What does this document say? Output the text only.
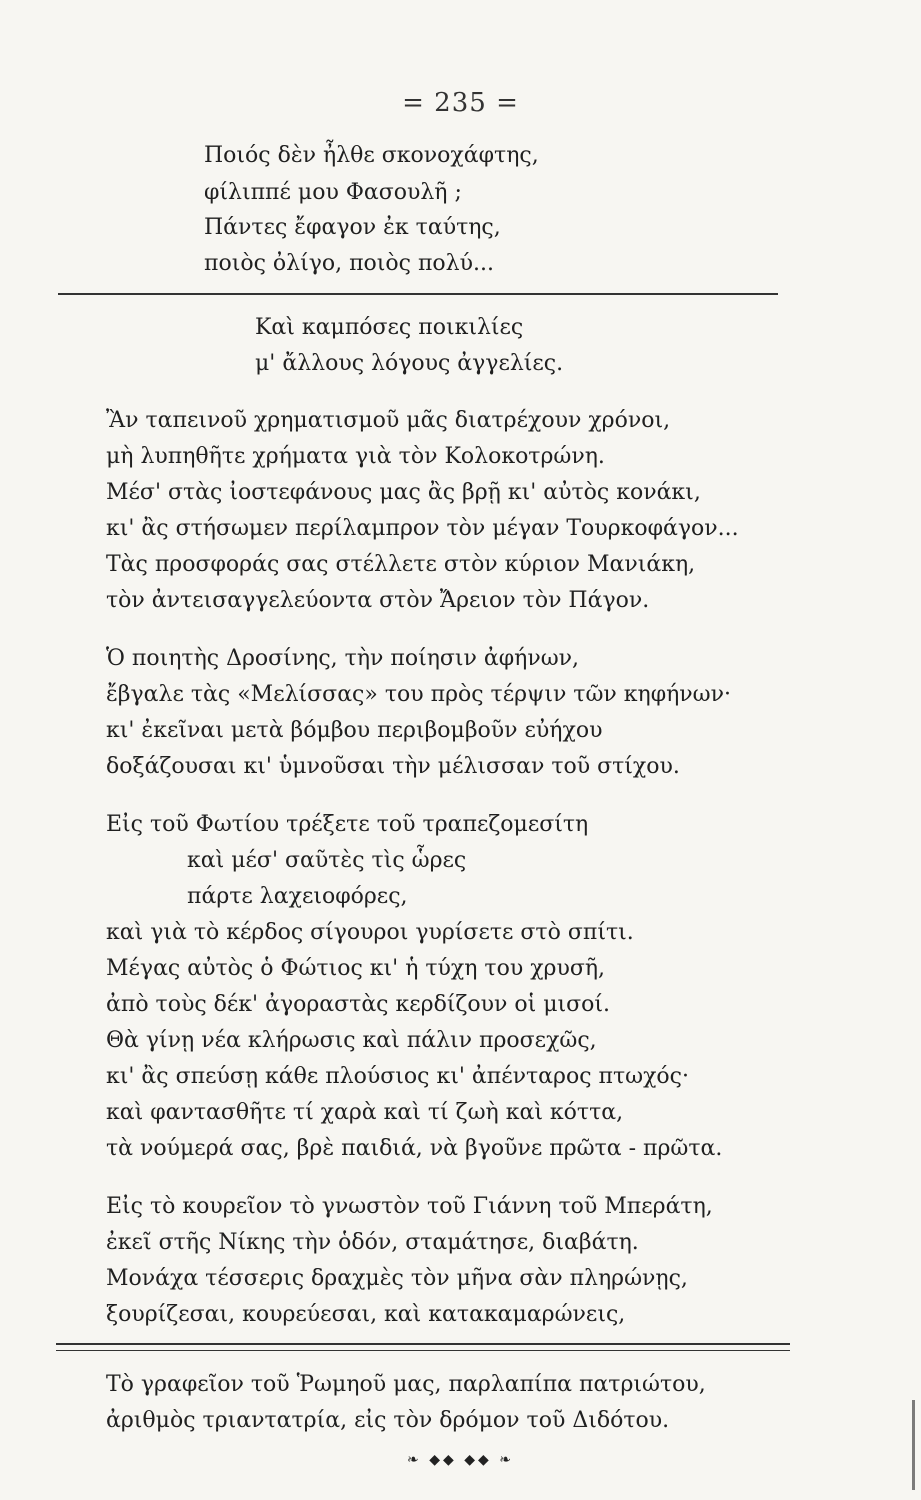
= 235 =
Ποιός δὲν ἦλθε σκονοχάφτης,
φίλιππέ μου Φασουλῆ ;
Πάντες ἔφαγον ἐκ ταύτης,
ποιὸς ὀλίγο, ποιὸς πολύ...
Καὶ καμπόσες ποικιλίες
μ' ἄλλους λόγους ἀγγελίες.
Ἂν ταπεινοῦ χρηματισμοῦ μᾶς διατρέχουν χρόνοι,
μὴ λυπηθῆτε χρήματα γιὰ τὸν Κολοκοτρώνη.
Μέσ' στὰς ἰοστεφάνους μας ἂς βρῇ κι' αὐτὸς κονάκι,
κι' ἂς στήσωμεν περίλαμπρον τὸν μέγαν Τουρκοφάγον...
Τὰς προσφοράς σας στέλλετε στὸν κύριον Μανιάκη,
τὸν ἀντεισαγγελεύοντα στὸν Ἄρειον τὸν Πάγον.
Ὁ ποιητὴς Δροσίνης, τὴν ποίησιν ἀφήνων,
ἔβγαλε τὰς «Μελίσσας» του πρὸς τέρψιν τῶν κηφήνων·
κι' ἐκεῖναι μετὰ βόμβου περιβομβοῦν εὐήχου
δοξάζουσαι κι' ὑμνοῦσαι τὴν μέλισσαν τοῦ στίχου.
Εἰς τοῦ Φωτίου τρέξετε τοῦ τραπεζομεσίτη
καὶ μέσ' σαῦτὲς τὶς ὧρες
πάρτε λαχειοφόρες,
καὶ γιὰ τὸ κέρδος σίγουροι γυρίσετε στὸ σπίτι.
Μέγας αὐτὸς ὁ Φώτιος κι' ἡ τύχη του χρυσῆ,
ἀπὸ τοὺς δέκ' ἀγοραστὰς κερδίζουν οἱ μισοί.
Θὰ γίνῃ νέα κλήρωσις καὶ πάλιν προσεχῶς,
κι' ἂς σπεύσῃ κάθε πλούσιος κι' ἀπένταρος πτωχός·
καὶ φαντασθῆτε τί χαρὰ καὶ τί ζωὴ καὶ κόττα,
τὰ νούμερά σας, βρὲ παιδιά, νὰ βγοῦνε πρῶτα - πρῶτα.
Εἰς τὸ κουρεῖον τὸ γνωστὸν τοῦ Γιάννη τοῦ Μπεράτη,
ἐκεῖ στῆς Νίκης τὴν ὁδόν, σταμάτησε, διαβάτη.
Μονάχα τέσσερις δραχμὲς τὸν μῆνα σὰν πληρώνῃς,
ξουρίζεσαι, κουρεύεσαι, καὶ κατακαμαρώνεις,
Τὸ γραφεῖον τοῦ Ῥωμηοῦ μας, παρλαπίπα πατριώτου,
ἀριθμὸς τριαντατρία, εἰς τὸν δρόμον τοῦ Διδότου.
❧ ◆◆ ◆◆ ❧
